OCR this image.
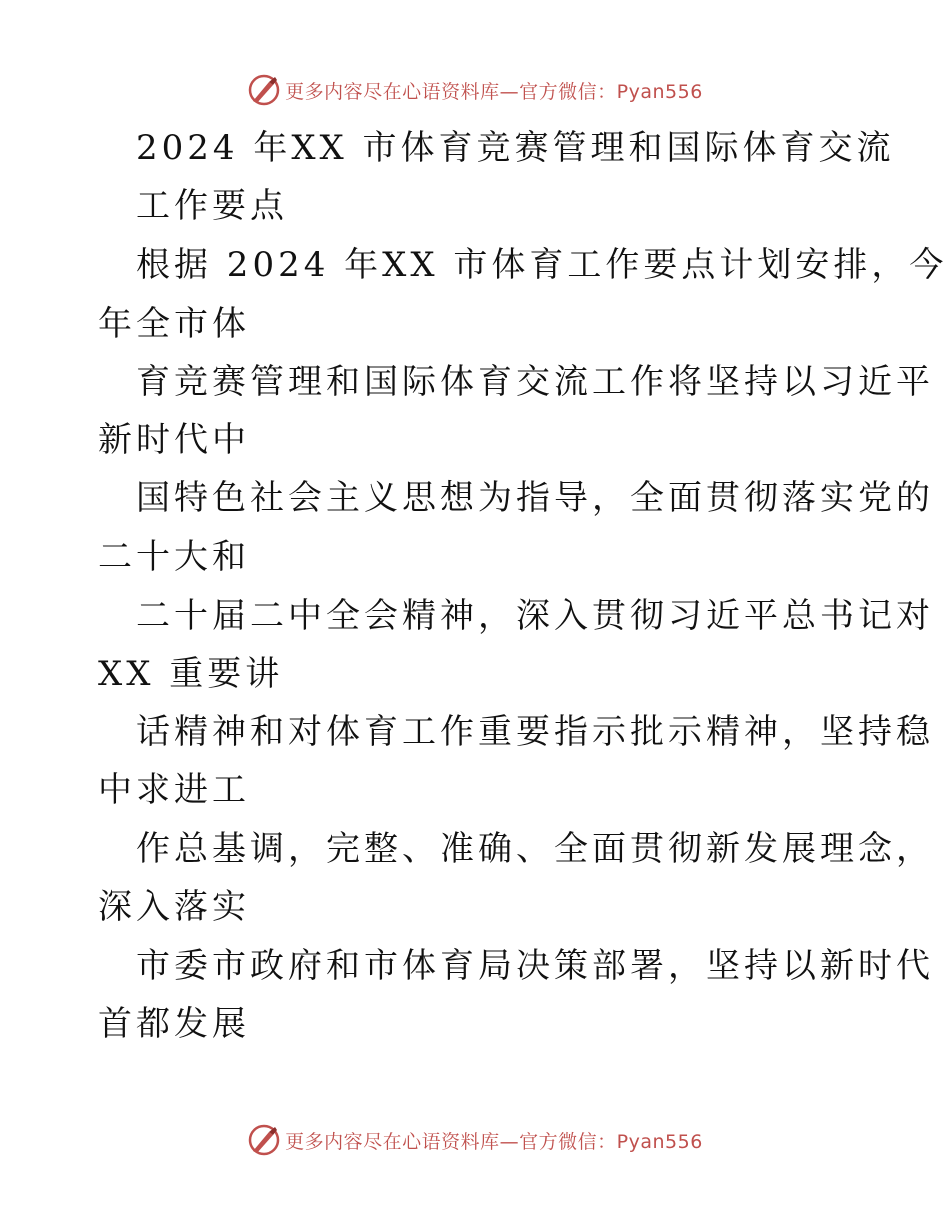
更多内容尽在心语资料库—官方微信：Pyan556
2024 年XX 市体育竞赛管理和国际体育交流
工作要点
根据 2024 年XX 市体育工作要点计划安排，今
年全市体
育竞赛管理和国际体育交流工作将坚持以习近平
新时代中
国特色社会主义思想为指导，全面贯彻落实党的
二十大和
二十届二中全会精神，深入贯彻习近平总书记对
XX 重要讲
话精神和对体育工作重要指示批示精神，坚持稳
中求进工
作总基调，完整、准确、全面贯彻新发展理念，
深入落实
市委市政府和市体育局决策部署，坚持以新时代
首都发展
更多内容尽在心语资料库—官方微信：Pyan556
